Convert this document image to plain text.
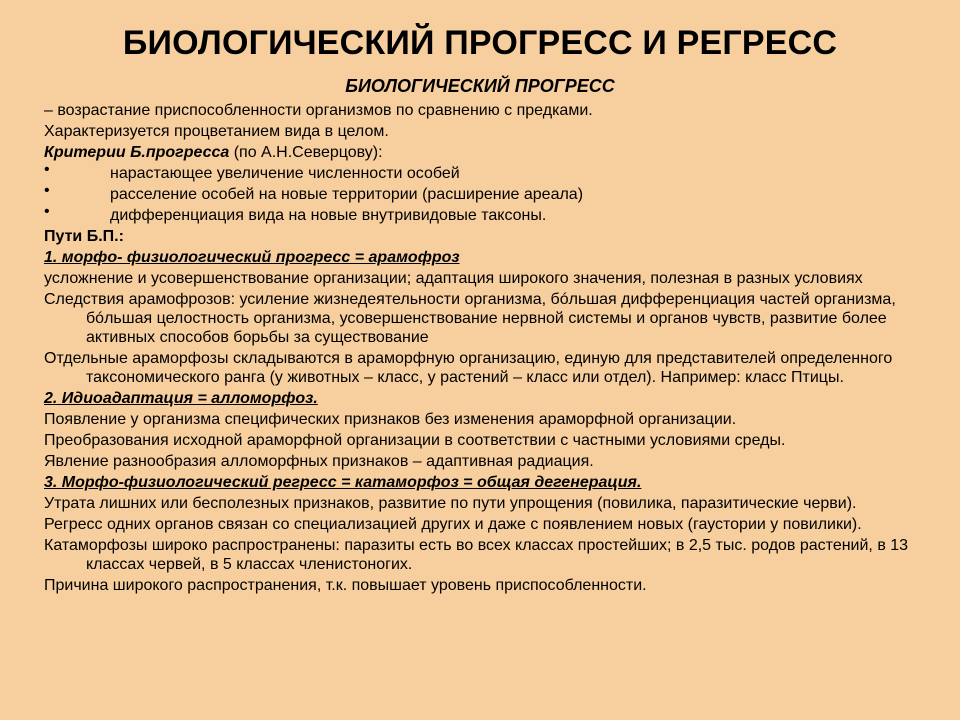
БИОЛОГИЧЕСКИЙ ПРОГРЕСС И РЕГРЕСС
БИОЛОГИЧЕСКИЙ ПРОГРЕСС
– возрастание приспособленности организмов по сравнению с предками.
Характеризуется процветанием вида в целом.
Критерии Б.прогресса (по А.Н.Северцову):
•	нарастающее увеличение численности особей
•	расселение особей на новые территории (расширение ареала)
•	дифференциация вида на новые внутривидовые таксоны.
Пути Б.П.:
1. морфо- физиологический прогресс = арамофроз
усложнение и усовершенствование организации; адаптация широкого значения, полезная в разных условиях
Следствия арамофрозов: усиление жизнедеятельности организма, бóльшая дифференциация частей организма, бóльшая целостность организма, усовершенствование нервной системы и органов чувств, развитие более активных способов борьбы за существование
Отдельные араморфозы складываются в араморфную организацию, единую для представителей определенного таксономического ранга (у животных – класс, у растений – класс или отдел). Например: класс Птицы.
2. Идиоадаптация = алломорфоз.
Появление у организма специфических признаков без изменения араморфной организации.
Преобразования исходной араморфной организации в соответствии с частными условиями среды.
Явление разнообразия алломорфных признаков – адаптивная радиация.
3. Морфо-физиологический регресс = катаморфоз = общая дегенерация.
Утрата лишних или бесполезных признаков, развитие по пути упрощения (повилика, паразитические черви).
Регресс одних органов связан со специализацией других и даже с появлением новых (гаустории у повилики).
Катаморфозы широко распространены: паразиты есть во всех классах простейших; в 2,5 тыс. родов растений, в 13 классах червей, в 5 классах членистоногих.
Причина широкого распространения, т.к. повышает уровень приспособленности.
